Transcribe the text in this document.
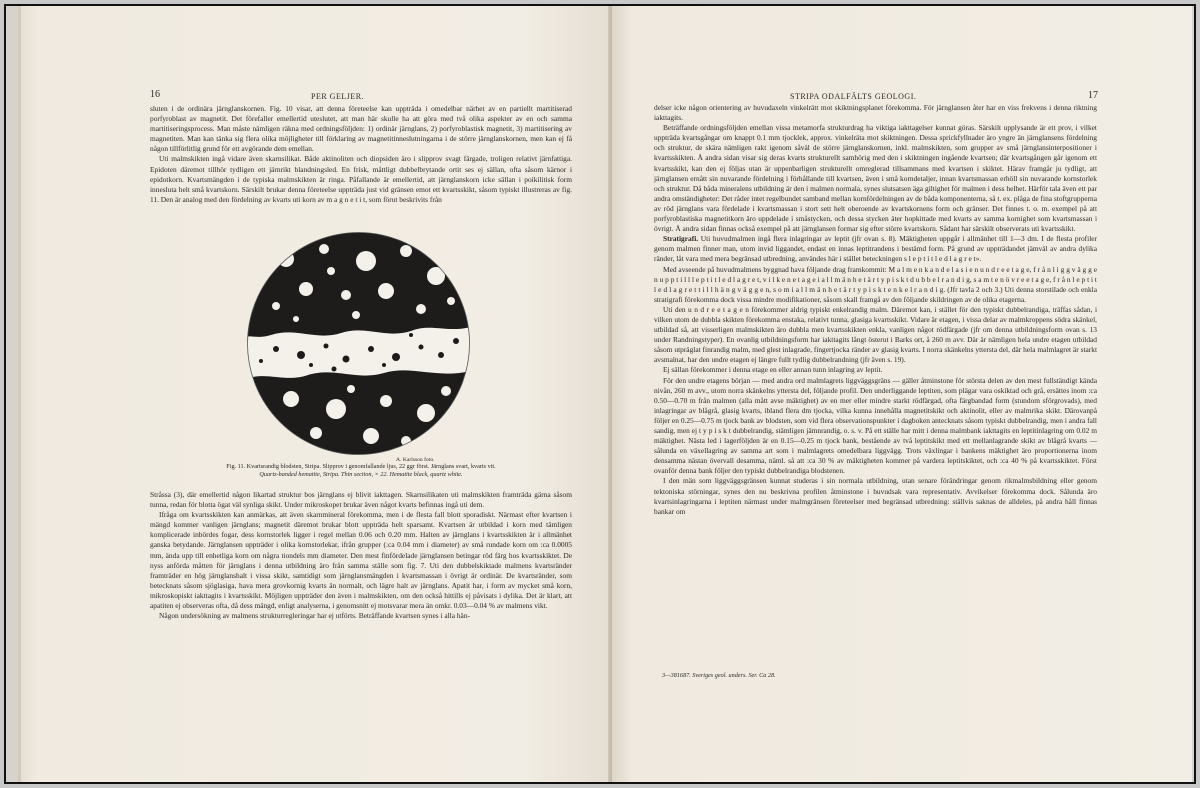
16	PER GELJER.

sluten i de ordinära järnglanskornen. Fig. 10 visar, att denna företeelse kan uppträda i omedelbar närhet av en partiellt martitiserad porfyroblast av magnetit. Det förefaller emellertid uteslutet, att man här skulle ha att göra med två olika aspekter av en och samma martitiseringsprocess. Man måste nämligen räkna med ordningsföljden: 1) ordinär järnglans, 2) porfyroblastisk magnetit, 3) martitisering av magnetiten. Man kan tänka sig flera olika möjligheter till förklaring av magnetitinneslutningarna i de större järnglanskornen, men kan ej få någon tillförlitlig grund för ett avgörande dem emellan.

Uti malmskikten ingå vidare även skarnsilikat. Både aktinoliten och diopsiden äro i slipprov svagt färgade, troligen relativt järnfattiga. Epidoten däremot tillhör tydligen ett järnrikt blandningsled. En frisk, måttligt dubbelbrytande ortit ses ej sällan, ofta såsom kärnor i epidotkorn. Kvartsmängden i de typiska malmskikten är ringa. Påfallande är emellertid, att järnglanskorn icke sällan i poikilitisk form inneslutа helt små kvartskorn. Särskilt brukar denna företeelse uppträda just vid gränsen emot ett kvartsskikt, såsom typiskt illustreras av fig. 11. Den är analog med den fördelning av kvarts uti korn av m a g n e t i t, som förut beskrivits från

A. Karlsson foto.
Fig. 11. Kvartsrandig blodsten, Stripa. Slipprov i genomfallande ljus, 22 ggr först. Järnglans svart, kvarts vit.
Quartz-banded hematite, Stripa. Thin section, × 22. Hematite black, quartz white.

Stråssa (3), där emellertid någon likartad struktur bos järnglans ej blivit iakttagen. Skarnsilikaten uti malmskikten framträda gärna såsom tunna, redan för blotta ögat väl synliga skikt. Under mikroskopet brukar även något kvarts befinnas ingå uti dem.

Ifråga om kvartsskikten kan anmärkas, att även skarnmineral förekomma, men i de flesta fall blott sporadiskt. Närmast efter kvartsen i mängd kommer vanligen järnglans; magnetit däremot brukar blott uppträda helt sparsamt. Kvartsen är utbildad i korn med tämligen komplicerade inbördes fogar, dess kornstorlek ligger i regel mellan 0.06 och 0.20 mm. Halten av järnglans i kvartsskikten är i allmänhet ganska betydande. Järnglansen uppträder i olika kornstorlekar, ifrån grupper (:ca 0.04 mm i diameter) av små rundade korn om :ca 0.0005 mm, ända upp till enhetliga korn om några tiondels mm diameter. Den mest finfördelade järnglansen betingar röd färg hos kvartsskiktet. De nyss anförda måtten för järnglans i denna utbildning äro från samma ställe som fig. 7. Uti den dubbelskiktade malmens kvartsränder framträder en hög järnglanshalt i vissa skikt, samtidigt som järnglansmängden i kvartsmassan i övrigt är ordinär. De kvartsränder, som betecknats såsom sjöglasiga, hava mera grovkornig kvarts än normalt, och lägre halt av järnglans. Apatit har, i form av mycket små korn, mikroskopiskt iakttagits i kvartsskikt. Möjligen uppträder den även i malmskikten, om den också hittills ej påvisats i dylika. Det är klart, att apatiten ej observeras ofta, då dess mängd, enligt analyserna, i genomsnitt ej motsvarar mera än omkr. 0.03—0.04 % av malmens vikt.

Någon undersökning av malmens strukturregleringar har ej utförts. Beträffande kvartsen synes i alla hän-

STRIPA ODALFÄLTS GEOLOGI.	17

delser icke någon orientering av huvudaxeln vinkelrätt mot skiktningsplanet förekomma. För järnglansen åter har en viss frekvens i denna riktning iakttagits.

Beträffande ordningsföljden emellan vissa metamorfa strukturdrag ha viktiga iakttagelser kunnat göras. Särskilt upplysande är ett prov, i vilket uppträda kvartsgångar om knappt 0.1 mm tjocklek, approx. vinkelräta mot skiktningen. Dessa sprickfyllnader äro yngre än järnglansens fördelning och struktur, de skära nämligen rakt igenom såväl de större järnglanskornen, inkl. malmskikten, som grupper av små järnglansinterpositioner i kvartsskikten. Å andra sidan visar sig deras kvarts strukturellt samhörig med den i skiktningen ingående kvartsen; där kvartsgången går igenom ett kvartsskikt, kan den ej följas utan är uppenbarligen strukturellt omreglerad tillsammans med kvartsen i skiktet. Härav framgår ju tydligt, att järnglansen ernått sin nuvarande fördelning i förhållande till kvartsen, även i små korndetaljer, innan kvartsmassan erhöll sin nuvarande kornstorlek och struktur. Då båda mineralens utbildning är den i malmen normala, synes slutsatsen äga giltighet för malmen i dess helhet. Härför tala även ett par andra omständigheter: Det råder intet regelbundet samband mellan kornfördelningen av de båda komponenterna, så t. ex. plåga de fina stoftgrupperna av röd järnglans vara fördelade i kvartsmassan i stort sett helt oberoende av kvartskornens form och gränser. Det finnes t. o. m. exempel på att porfyroblastiska magnetitkorn äro uppdelade i småstycken, och dessa stycken äter hopkittade med kvarts av samma kornighet som kvartsmassan i övrigt. Å andra sidan finnas också exempel på att järnglansen formar sig efter större kvartskorn. Sådant har särskilt observerats uti kvartsskikt.

Stratigrafi. Uti huvudmalmen ingå flera inlagringar av leptit (jfr ovan s. 8). Mäktigheten uppgår i allmänhet till 1—3 dm. I de flesta profiler genom malmen finner man, utom invid liggandet, endast en innas leptitrandens i bestämd form. På grund av uppträdandet jämväl av andra dylika ränder, låt vara med mera begränsad utbredning, användes här i stället beteckningen s l e p t i t l e d l a g r e t».

Med avseende på huvudmalmens byggnad hava följande drag framkommit: M a l m e n k a n d e l a s i e n u n d r e e t a g e, f r å n l i g g v ä g g e n u p p t i l l l e p t i t l e d l a g r e t, v i l k e n e t a g e i a l l m ä n h e t ä r t y p i s k t d u b b e l r a n d i g, s a m t e n ö v r e e t a g e, f r å n l e p t i t l e d l a g r e t t i l l h ä n g v ä g g e n, s o m i a l l m ä n h e t ä r t y p i s k t e n k e l r a n d i g. (Jfr tavla 2 och 3.) Uti denna storstilade och enkla stratigrafi förekomma dock vissa mindre modifikationer, såsom skall framgå av den följande skildringen av de olika etagerna.

Uti den u n d r e e t a g e n förekommer aldrig typiskt enkelrandig malm. Däremot kan, i stället för den typiskt dubbelrandiga, träffas sådan, i vilken utom de dubbla skikten förekomma enstaka, relativt tunna, glasiga kvartsskikt. Vidare är etagen, i vissa delar av malmkroppens södra skänkel, utbildad så, att visserligen malmskikten äro dubbla men kvartsskikten enkla, vanligen något rödfärgade (jfr om denna utbildningsform ovan s. 13 under Randningstyper). En ovanlig utbildningsform har iakttagits långt österut i Barks ort, å 260 m avv. Där är nämligen hela undre etagen utbildad såsom utpräglat finrandig malm, med glest inlagrade, fingertjocka ränder av glasig kvarts. I norra skänkelns yttersta del, där hela malmlagret är starkt avsmalnat, har den undre etagen ej längre fullt tydlig dubbelrandning (jfr även s. 19).

Ej sällan förekommer i denna etage en eller annan tunn inlagring av leptit.

För den undre etagens början — med andra ord malmlagrets liggväggsgräns — gäller åtminstone för största delen av den mest fullständigt kända nivån, 260 m avv., utom norra skänkelns yttersta del, följande profil. Den underliggande leptiten, som plägar vara oskiktad och grå, ersättes inom :ca 0.50—0.70 m från malmen (alla mått avse mäktighet) av en mer eller mindre starkt rödfärgad, ofta färgbandad form (stundom sförgrovads), med inlagringar av blågrå, glasig kvarts, ibland flera dm tjocka, vilka kunna innehålla magnetitskikt och aktinolit, eller av malmrika skikt. Därovanpå följer en 0.25—0.75 m tjock bank av blodsten, som vid flera observationspunkter i dagboken antecknats såsom typiskt dubbelrandig, men i andra fall sandig, men ej t y p i s k t dubbelrandig, stämligen jämnrandig, o. s. v. På ett ställe har mitt i denna malmbank iakttagits en leptitinlagring om 0.02 m mäktighet. Nästa led i lagerföljden är en 0.15—0.25 m tjock bank, bestående av två leptitskikt med ett mellanlagrande skikt av blågrå kvarts — sålunda en växellagring av samma art som i malmlagrets omedelbara liggvägg. Trots växlingar i bankens mäktighet äro proportionerna inom densamma nästan övervall desamma, näml. så att :ca 30 % av mäktigheten kommer på vardera leptitskiktet, och :ca 40 % på kvartsskiktet. Först ovanför denna bank följer den typiskt dubbelrandiga blodstenen.

I den män som liggväggsgränsen kunnat studeras i sin normala utbildning, utan senare förändringar genom rikmalmsbildning eller genom tektoniska störningar, synes den nu beskrivna profilen åtminstone i huvudsak vara representativ. Avvikelser förekomma dock. Sålunda äro kvartsinlagringarna i leptiten närmast under malmgränsen företeelser med begränsad utbredning: ställvis saknas de alldeles, på andra håll finnas bankar om

3—381687. Sveriges geol. unders. Ser. Ca 28.
